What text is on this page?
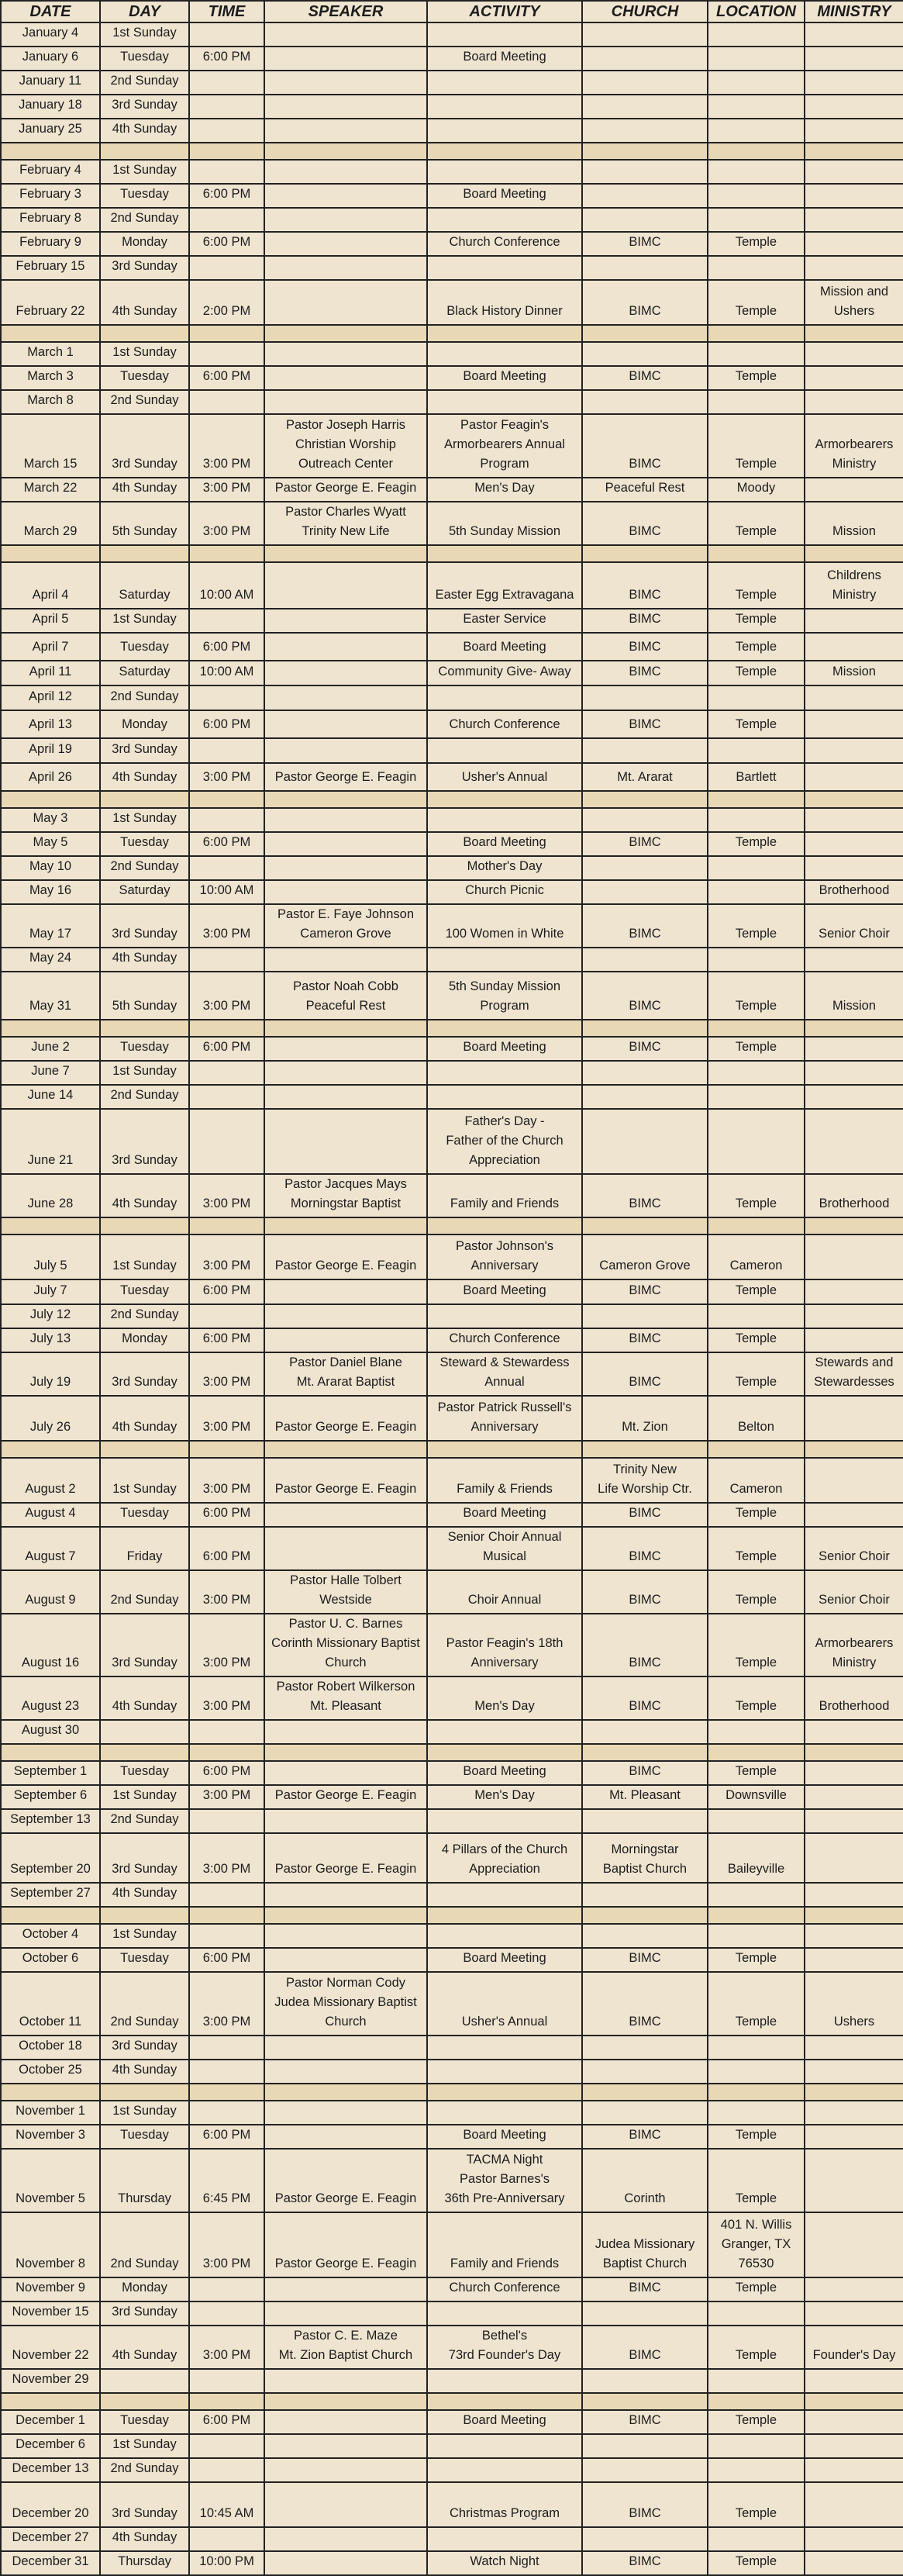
DATE	DAY	TIME	SPEAKER	ACTIVITY	CHURCH	LOCATION	MINISTRY
January 4	1st Sunday						
January 6	Tuesday	6:00 PM		Board Meeting			
January 11	2nd Sunday						
January 18	3rd Sunday						
January 25	4th Sunday						

February 4	1st Sunday						
February 3	Tuesday	6:00 PM		Board Meeting			
February 8	2nd Sunday						
February 9	Monday	6:00 PM		Church Conference	BIMC	Temple	
February 15	3rd Sunday						
February 22	4th Sunday	2:00 PM		Black History Dinner	BIMC	Temple	Mission and
Ushers

March 1	1st Sunday						
March 3	Tuesday	6:00 PM		Board Meeting	BIMC	Temple	
March 8	2nd Sunday						
March 15	3rd Sunday	3:00 PM	Pastor Joseph Harris
Christian Worship
Outreach Center	Pastor Feagin's
Armorbearers Annual
Program	BIMC	Temple	Armorbearers
Ministry
March 22	4th Sunday	3:00 PM	Pastor George E. Feagin	Men's Day	Peaceful Rest	Moody	
March 29	5th Sunday	3:00 PM	Pastor Charles Wyatt
Trinity New Life	5th Sunday Mission	BIMC	Temple	Mission

April 4	Saturday	10:00 AM		Easter Egg Extravagana	BIMC	Temple	Childrens
Ministry
April 5	1st Sunday			Easter Service	BIMC	Temple	
April 7	Tuesday	6:00 PM		Board Meeting	BIMC	Temple	
April 11	Saturday	10:00 AM		Community Give- Away	BIMC	Temple	Mission
April 12	2nd Sunday						
April 13	Monday	6:00 PM		Church Conference	BIMC	Temple	
April 19	3rd Sunday						
April 26	4th Sunday	3:00 PM	Pastor George E. Feagin	Usher's Annual	Mt. Ararat	Bartlett	

May 3	1st Sunday						
May 5	Tuesday	6:00 PM		Board Meeting	BIMC	Temple	
May 10	2nd Sunday			Mother's Day			
May 16	Saturday	10:00 AM		Church Picnic			Brotherhood
May 17	3rd Sunday	3:00 PM	Pastor E. Faye Johnson
Cameron Grove	100 Women in White	BIMC	Temple	Senior Choir
May 24	4th Sunday						
May 31	5th Sunday	3:00 PM	Pastor Noah Cobb
Peaceful Rest	5th Sunday Mission
Program	BIMC	Temple	Mission

June 2	Tuesday	6:00 PM		Board Meeting	BIMC	Temple	
June 7	1st Sunday						
June 14	2nd Sunday						
June 21	3rd Sunday			Father's Day -
Father of the Church
Appreciation			
June 28	4th Sunday	3:00 PM	Pastor Jacques Mays
Morningstar Baptist	Family and Friends	BIMC	Temple	Brotherhood

July 5	1st Sunday	3:00 PM	Pastor George E. Feagin	Pastor Johnson's
Anniversary	Cameron Grove	Cameron	
July 7	Tuesday	6:00 PM		Board Meeting	BIMC	Temple	
July 12	2nd Sunday						
July 13	Monday	6:00 PM		Church Conference	BIMC	Temple	
July 19	3rd Sunday	3:00 PM	Pastor Daniel Blane
Mt. Ararat Baptist	Steward & Stewardess
Annual	BIMC	Temple	Stewards and
Stewardesses
July 26	4th Sunday	3:00 PM	Pastor George E. Feagin	Pastor Patrick Russell's
Anniversary	Mt. Zion	Belton	

August 2	1st Sunday	3:00 PM	Pastor George E. Feagin	Family & Friends	Trinity New
Life Worship Ctr.	Cameron	
August 4	Tuesday	6:00 PM		Board Meeting	BIMC	Temple	
August 7	Friday	6:00 PM		Senior Choir Annual
Musical	BIMC	Temple	Senior Choir
August 9	2nd Sunday	3:00 PM	Pastor Halle Tolbert
Westside	Choir Annual	BIMC	Temple	Senior Choir
August 16	3rd Sunday	3:00 PM	Pastor U. C. Barnes
Corinth Missionary Baptist
Church	Pastor Feagin's 18th
Anniversary	BIMC	Temple	Armorbearers
Ministry
August 23	4th Sunday	3:00 PM	Pastor Robert Wilkerson
Mt. Pleasant	Men's Day	BIMC	Temple	Brotherhood
August 30							

September 1	Tuesday	6:00 PM		Board Meeting	BIMC	Temple	
September 6	1st Sunday	3:00 PM	Pastor George E. Feagin	Men's Day	Mt. Pleasant	Downsville	
September 13	2nd Sunday						
September 20	3rd Sunday	3:00 PM	Pastor George E. Feagin	4 Pillars of the Church
Appreciation	Morningstar
Baptist Church	Baileyville	
September 27	4th Sunday						

October 4	1st Sunday						
October 6	Tuesday	6:00 PM		Board Meeting	BIMC	Temple	
October 11	2nd Sunday	3:00 PM	Pastor Norman Cody
Judea Missionary Baptist
Church	Usher's Annual	BIMC	Temple	Ushers
October 18	3rd Sunday						
October 25	4th Sunday						

November 1	1st Sunday						
November 3	Tuesday	6:00 PM		Board Meeting	BIMC	Temple	
November 5	Thursday	6:45 PM	Pastor George E. Feagin	TACMA Night
Pastor Barnes's
36th Pre-Anniversary	Corinth	Temple	
November 8	2nd Sunday	3:00 PM	Pastor George E. Feagin	Family and Friends	Judea Missionary
Baptist Church	401 N. Willis
Granger, TX
76530	
November 9	Monday			Church Conference	BIMC	Temple	
November 15	3rd Sunday						
November 22	4th Sunday	3:00 PM	Pastor C. E. Maze
Mt. Zion Baptist Church	Bethel's
73rd Founder's Day	BIMC	Temple	Founder's Day
November 29							

December 1	Tuesday	6:00 PM		Board Meeting	BIMC	Temple	
December 6	1st Sunday						
December 13	2nd Sunday						
December 20	3rd Sunday	10:45 AM		Christmas Program	BIMC	Temple	
December 27	4th Sunday						
December 31	Thursday	10:00 PM		Watch Night	BIMC	Temple	
